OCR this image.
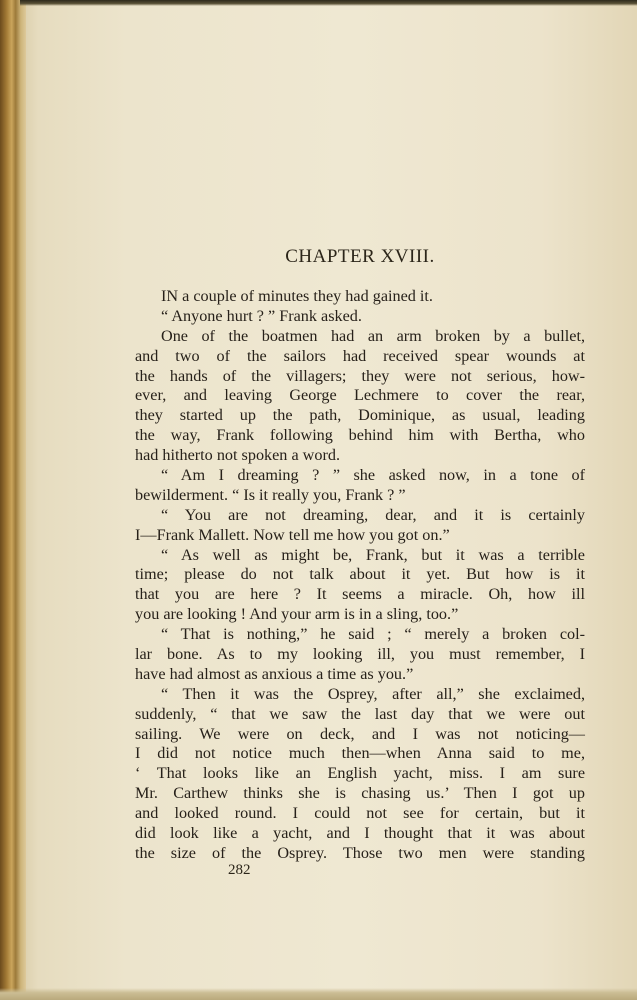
CHAPTER XVIII.
IN a couple of minutes they had gained it.
“ Anyone hurt ? ” Frank asked.
One of the boatmen had an arm broken by a bullet,
and two of the sailors had received spear wounds at
the hands of the villagers; they were not serious, how-
ever, and leaving George Lechmere to cover the rear,
they started up the path, Dominique, as usual, leading
the way, Frank following behind him with Bertha, who
had hitherto not spoken a word.
“ Am I dreaming ? ” she asked now, in a tone of
bewilderment. “ Is it really you, Frank ? ”
“ You are not dreaming, dear, and it is certainly
I—Frank Mallett. Now tell me how you got on.”
“ As well as might be, Frank, but it was a terrible
time; please do not talk about it yet. But how is it
that you are here ? It seems a miracle. Oh, how ill
you are looking ! And your arm is in a sling, too.”
“ That is nothing,” he said ; “ merely a broken col-
lar bone. As to my looking ill, you must remember, I
have had almost as anxious a time as you.”
“ Then it was the Osprey, after all,” she exclaimed,
suddenly, “ that we saw the last day that we were out
sailing. We were on deck, and I was not noticing—
I did not notice much then—when Anna said to me,
‘ That looks like an English yacht, miss. I am sure
Mr. Carthew thinks she is chasing us.’ Then I got up
and looked round. I could not see for certain, but it
did look like a yacht, and I thought that it was about
the size of the Osprey. Those two men were standing
282
